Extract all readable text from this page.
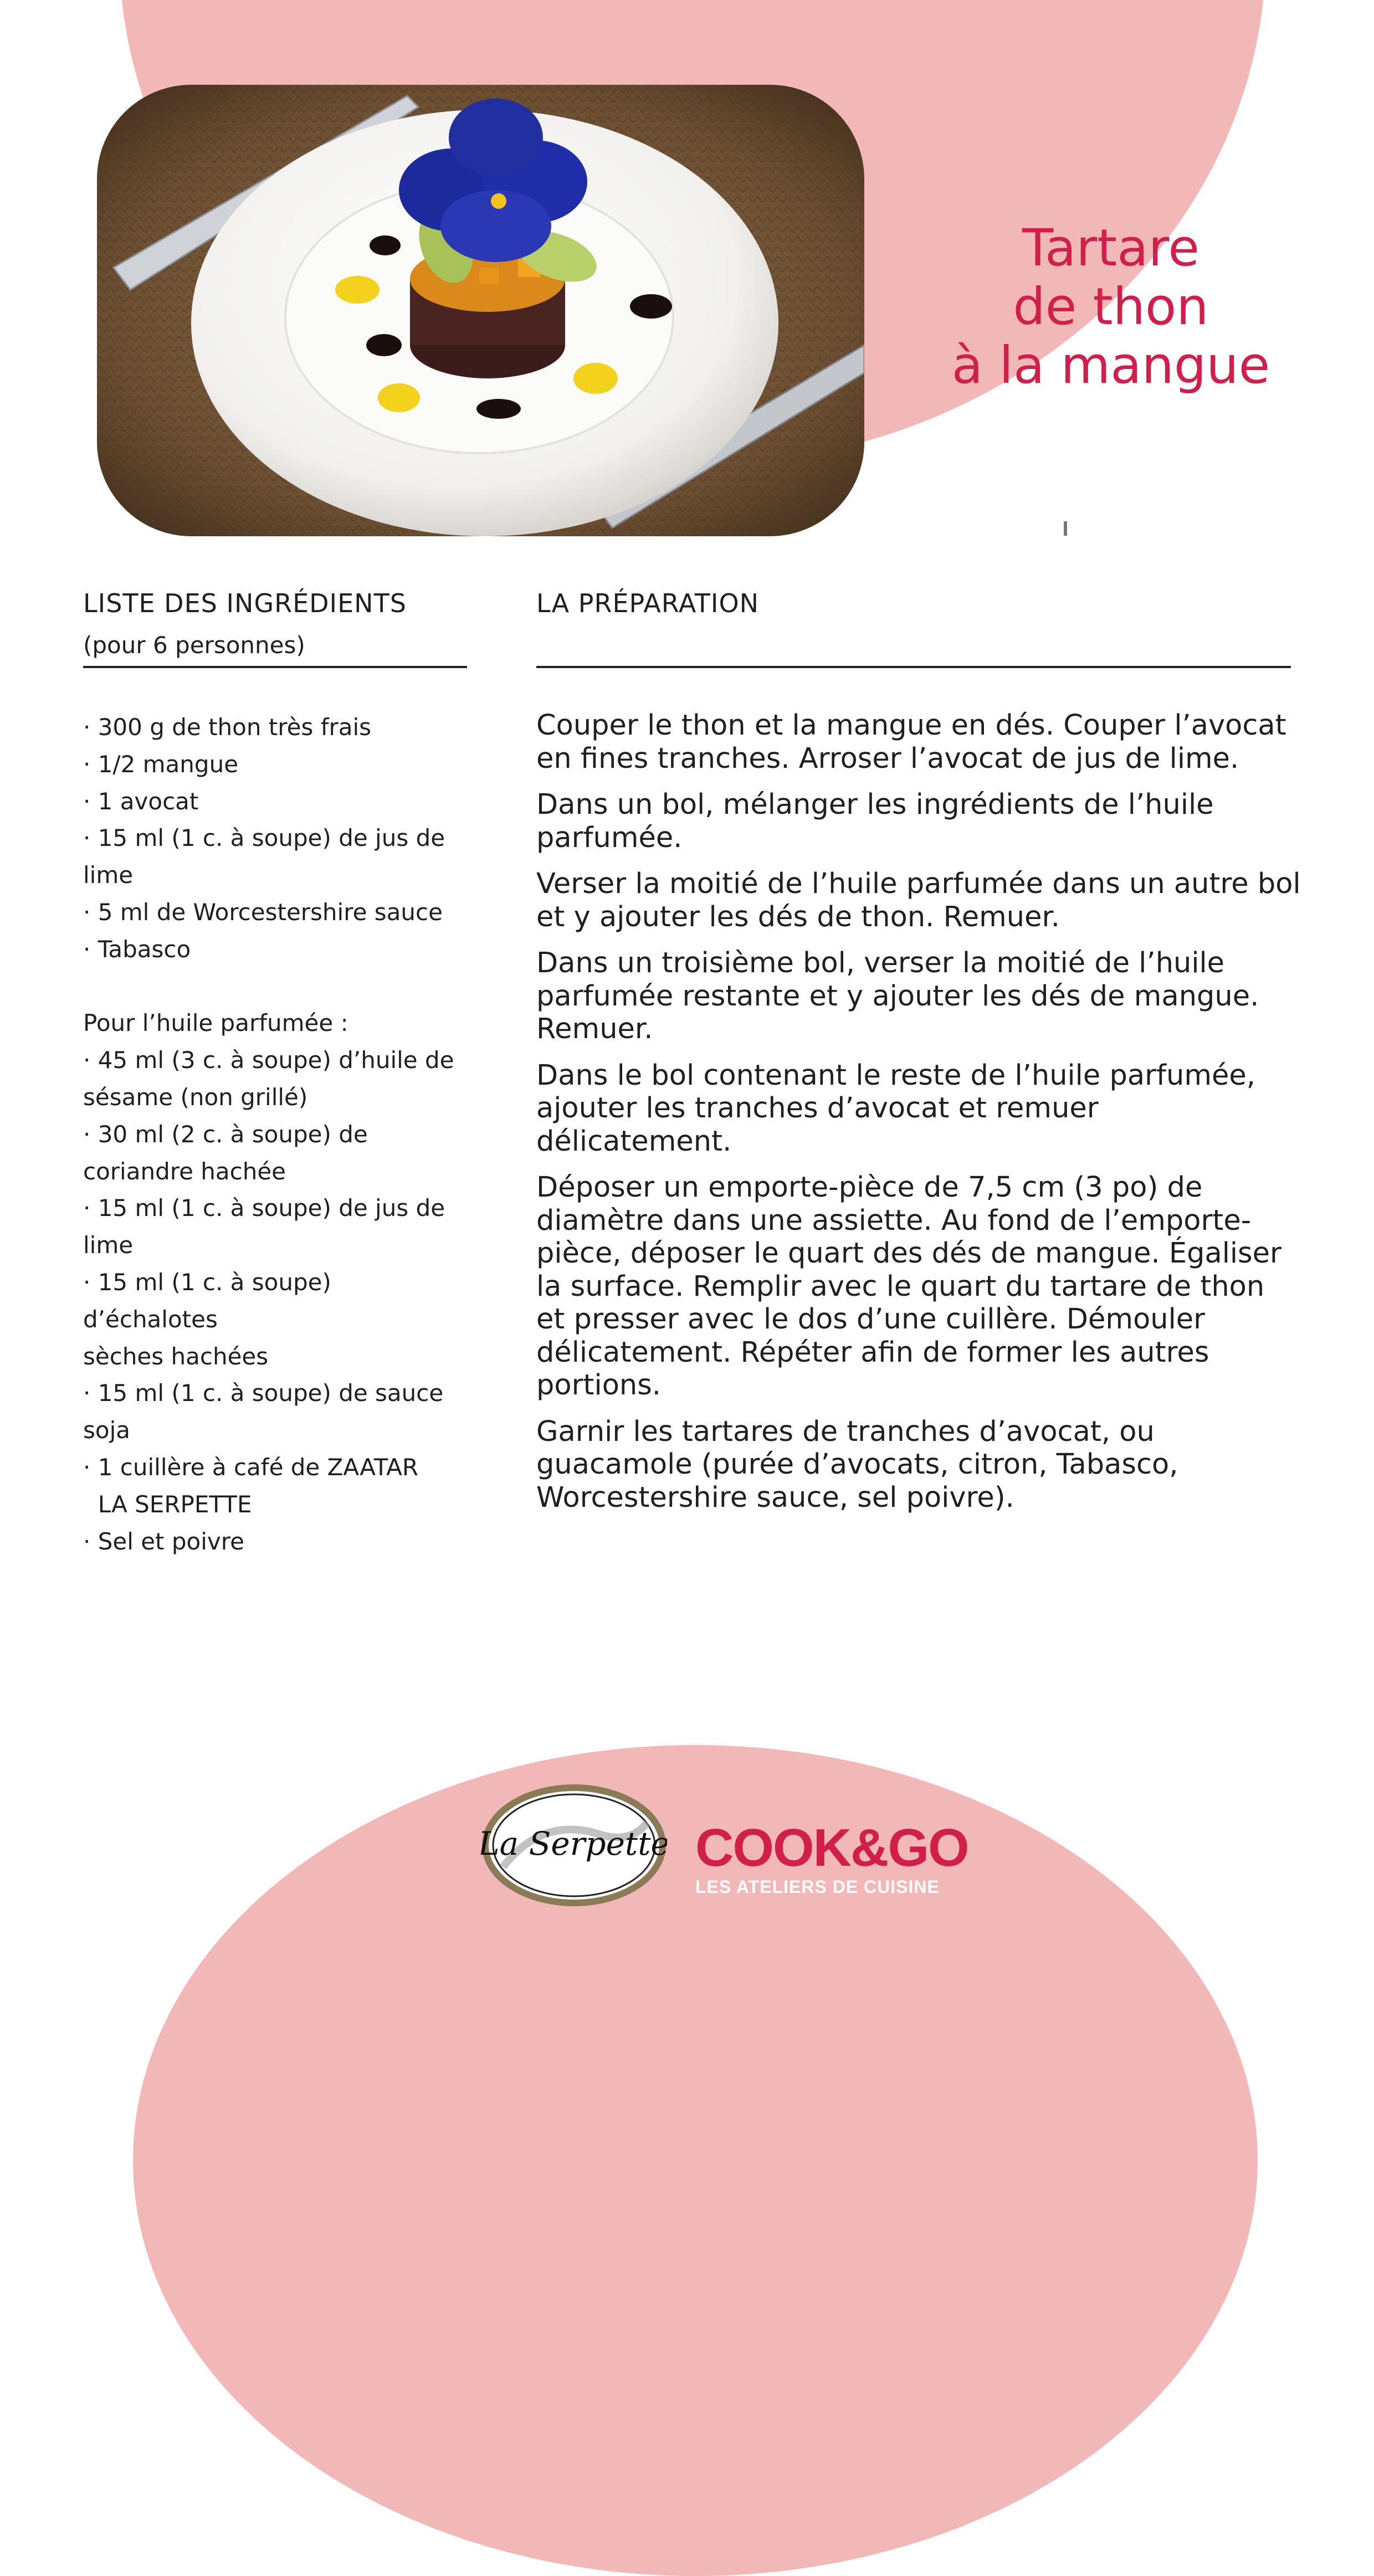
Tartare
de thon
à la mangue
LISTE DES INGRÉDIENTS
(pour 6 personnes)
LA PRÉPARATION
· 300 g de thon très frais
· 1/2 mangue
· 1 avocat
· 15 ml (1 c. à soupe) de jus de
lime
· 5 ml de Worcestershire sauce
· Tabasco
Pour l’huile parfumée :
· 45 ml (3 c. à soupe) d’huile de
sésame (non grillé)
· 30 ml (2 c. à soupe) de
coriandre hachée
· 15 ml (1 c. à soupe) de jus de
lime
· 15 ml (1 c. à soupe) d’échalotes
sèches hachées
· 15 ml (1 c. à soupe) de sauce
soja
· 1 cuillère à café de ZAATAR
LA SERPETTE
· Sel et poivre

Couper le thon et la mangue en dés. Couper l’avocat en fines tranches. Arroser l’avocat de jus de lime.

Dans un bol, mélanger les ingrédients de l’huile parfumée.

Verser la moitié de l’huile parfumée dans un autre bol et y ajouter les dés de thon. Remuer.

Dans un troisième bol, verser la moitié de l’huile parfumée restante et y ajouter les dés de mangue. Remuer.

Dans le bol contenant le reste de l’huile parfumée, ajouter les tranches d’avocat et remuer délicatement.

Déposer un emporte-pièce de 7,5 cm (3 po) de diamètre dans une assiette. Au fond de l’emporte-pièce, déposer le quart des dés de mangue. Égaliser la surface. Remplir avec le quart du tartare de thon et presser avec le dos d’une cuillère. Démouler délicatement. Répéter afin de former les autres portions.

Garnir les tartares de tranches d’avocat, ou guacamole (purée d’avocats, citron, Tabasco, Worcestershire sauce, sel poivre).

La Serpette COOK&GO
LES ATELIERS DE CUISINE
